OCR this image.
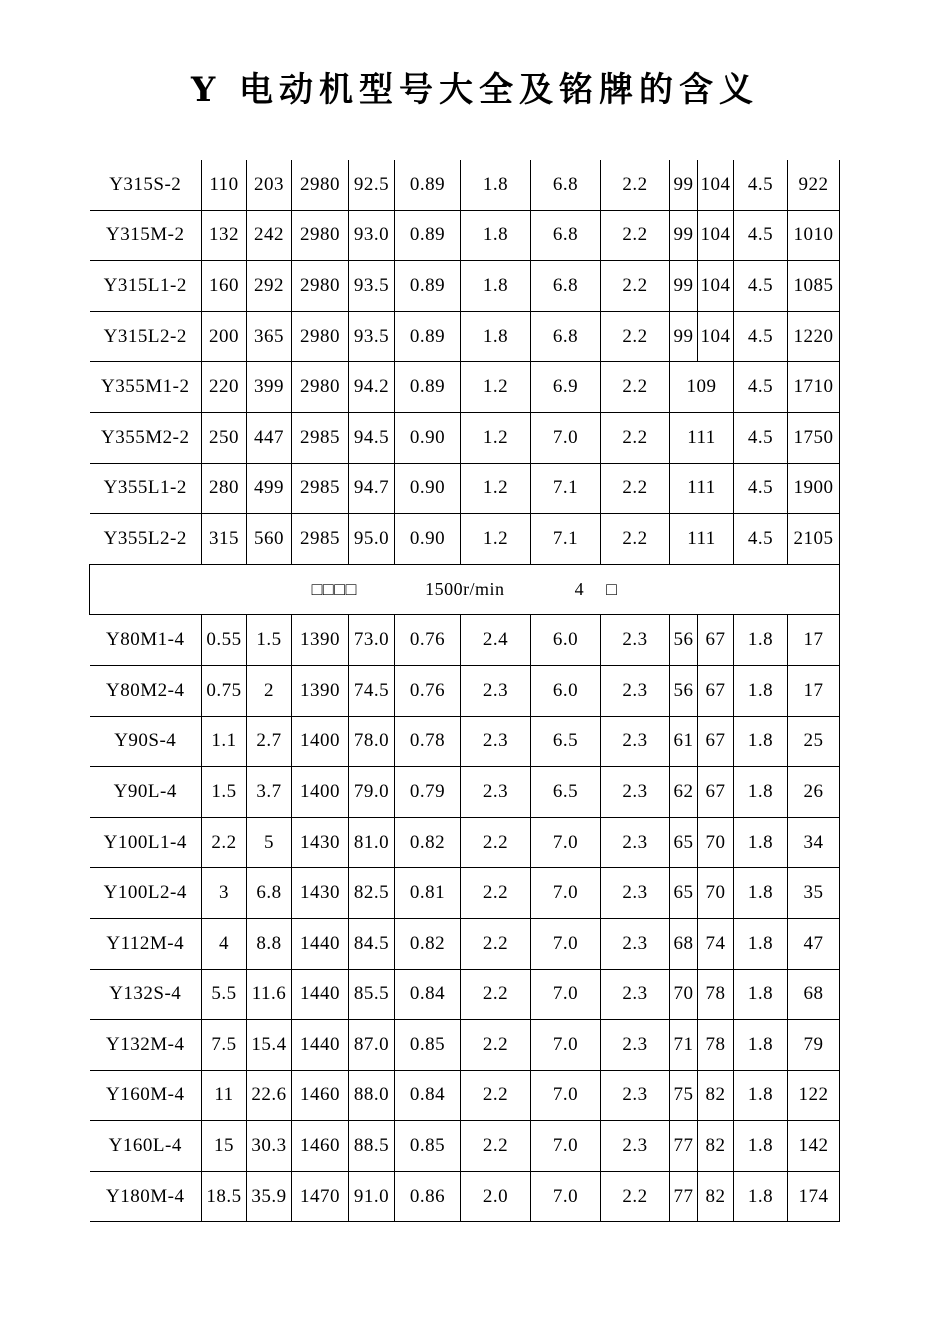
Y 电动机型号大全及铭牌的含义
Y315S-2	110	203	2980	92.5	0.89	1.8	6.8	2.2	99	104	4.5	922
Y315M-2	132	242	2980	93.0	0.89	1.8	6.8	2.2	99	104	4.5	1010
Y315L1-2	160	292	2980	93.5	0.89	1.8	6.8	2.2	99	104	4.5	1085
Y315L2-2	200	365	2980	93.5	0.89	1.8	6.8	2.2	99	104	4.5	1220
Y355M1-2	220	399	2980	94.2	0.89	1.2	6.9	2.2	109		4.5	1710
Y355M2-2	250	447	2985	94.5	0.90	1.2	7.0	2.2	111		4.5	1750
Y355L1-2	280	499	2985	94.7	0.90	1.2	7.1	2.2	111		4.5	1900
Y355L2-2	315	560	2985	95.0	0.90	1.2	7.1	2.2	111		4.5	2105
□□□□ 1500r/min 4 □												
Y80M1-4	0.55	1.5	1390	73.0	0.76	2.4	6.0	2.3	56	67	1.8	17
Y80M2-4	0.75	2	1390	74.5	0.76	2.3	6.0	2.3	56	67	1.8	17
Y90S-4	1.1	2.7	1400	78.0	0.78	2.3	6.5	2.3	61	67	1.8	25
Y90L-4	1.5	3.7	1400	79.0	0.79	2.3	6.5	2.3	62	67	1.8	26
Y100L1-4	2.2	5	1430	81.0	0.82	2.2	7.0	2.3	65	70	1.8	34
Y100L2-4	3	6.8	1430	82.5	0.81	2.2	7.0	2.3	65	70	1.8	35
Y112M-4	4	8.8	1440	84.5	0.82	2.2	7.0	2.3	68	74	1.8	47
Y132S-4	5.5	11.6	1440	85.5	0.84	2.2	7.0	2.3	70	78	1.8	68
Y132M-4	7.5	15.4	1440	87.0	0.85	2.2	7.0	2.3	71	78	1.8	79
Y160M-4	11	22.6	1460	88.0	0.84	2.2	7.0	2.3	75	82	1.8	122
Y160L-4	15	30.3	1460	88.5	0.85	2.2	7.0	2.3	77	82	1.8	142
Y180M-4	18.5	35.9	1470	91.0	0.86	2.0	7.0	2.2	77	82	1.8	174
